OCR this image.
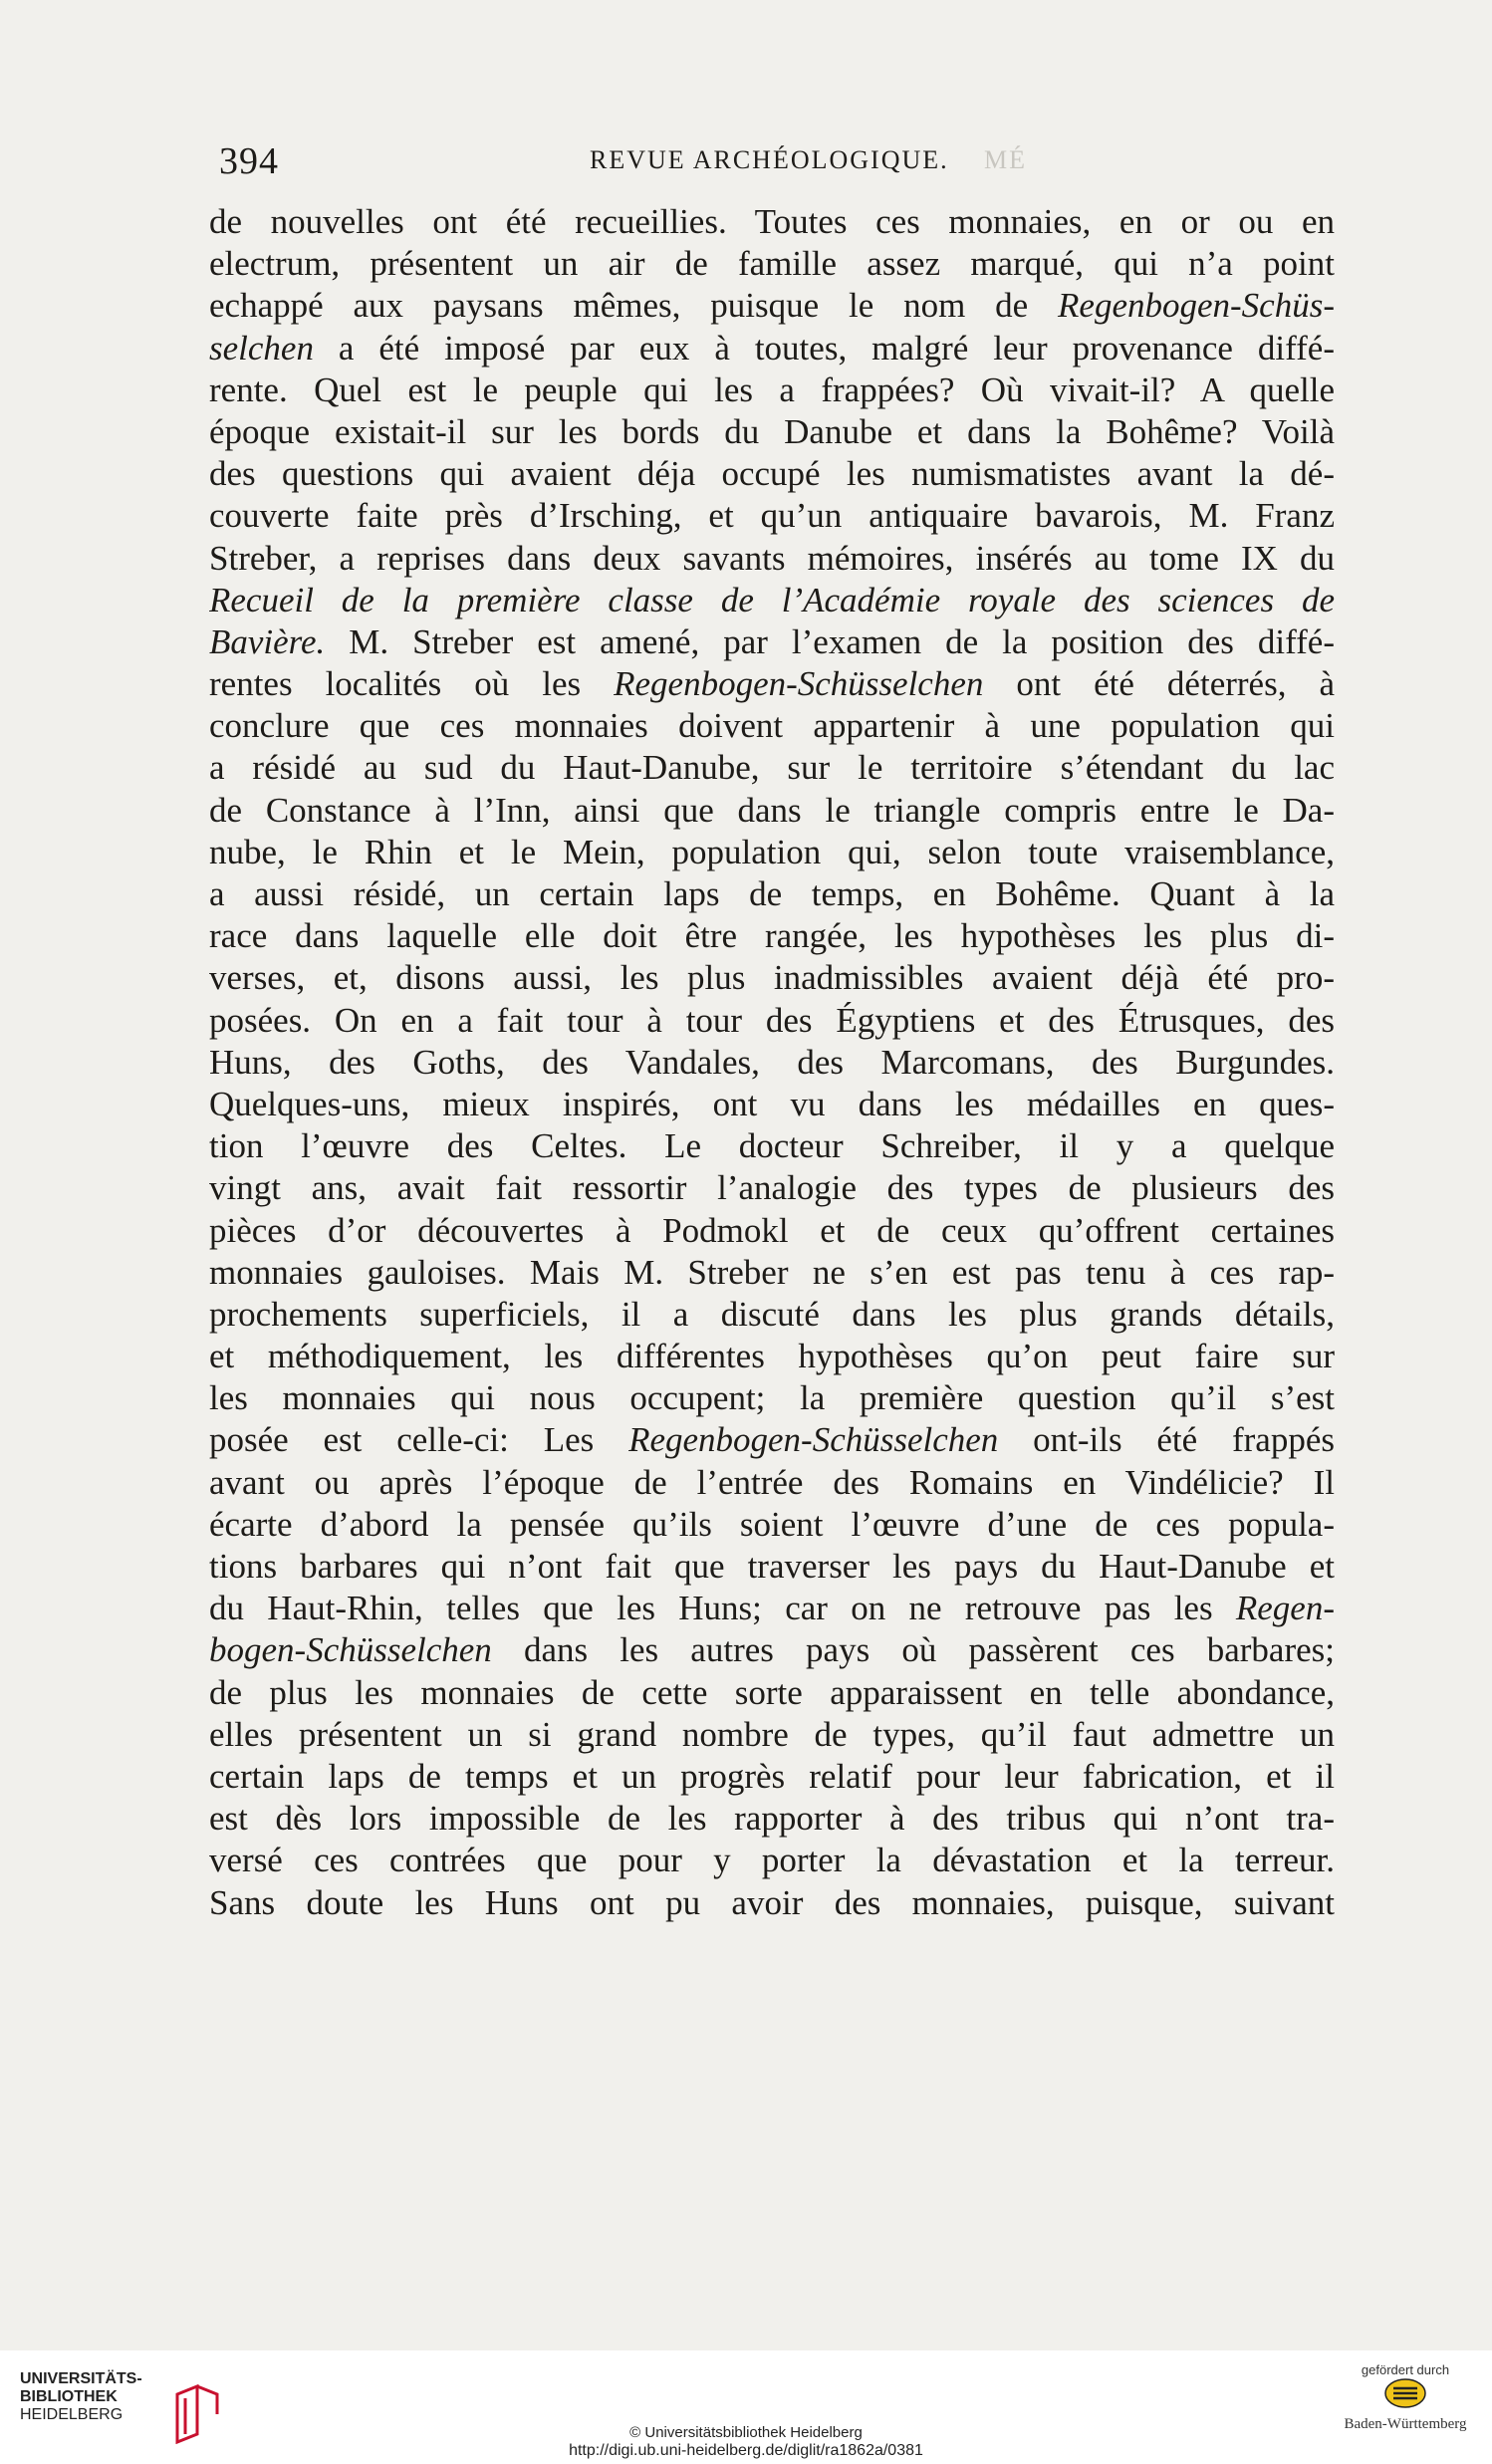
394	REVUE ARCHÉOLOGIQUE. MÉ
de nouvelles ont été recueillies. Toutes ces monnaies, en or ou en
electrum, présentent un air de famille assez marqué, qui n’a point
echappé aux paysans mêmes, puisque le nom de Regenbogen-Schüs-
selchen a été imposé par eux à toutes, malgré leur provenance diffé-
rente. Quel est le peuple qui les a frappées? Où vivait-il? A quelle
époque existait-il sur les bords du Danube et dans la Bohême? Voilà
des questions qui avaient déja occupé les numismatistes avant la dé-
couverte faite près d’Irsching, et qu’un antiquaire bavarois, M. Franz
Streber, a reprises dans deux savants mémoires, insérés au tome IX du
Recueil de la première classe de l’Académie royale des sciences de
Bavière. M. Streber est amené, par l’examen de la position des diffé-
rentes localités où les Regenbogen-Schüsselchen ont été déterrés, à
conclure que ces monnaies doivent appartenir à une population qui
a résidé au sud du Haut-Danube, sur le territoire s’étendant du lac
de Constance à l’Inn, ainsi que dans le triangle compris entre le Da-
nube, le Rhin et le Mein, population qui, selon toute vraisemblance,
a aussi résidé, un certain laps de temps, en Bohême. Quant à la
race dans laquelle elle doit être rangée, les hypothèses les plus di-
verses, et, disons aussi, les plus inadmissibles avaient déjà été pro-
posées. On en a fait tour à tour des Égyptiens et des Étrusques, des
Huns, des Goths, des Vandales, des Marcomans, des Burgundes.
Quelques-uns, mieux inspirés, ont vu dans les médailles en ques-
tion l’œuvre des Celtes. Le docteur Schreiber, il y a quelque
vingt ans, avait fait ressortir l’analogie des types de plusieurs des
pièces d’or découvertes à Podmokl et de ceux qu’offrent certaines
monnaies gauloises. Mais M. Streber ne s’en est pas tenu à ces rap-
prochements superficiels, il a discuté dans les plus grands détails,
et méthodiquement, les différentes hypothèses qu’on peut faire sur
les monnaies qui nous occupent; la première question qu’il s’est
posée est celle-ci: Les Regenbogen-Schüsselchen ont-ils été frappés
avant ou après l’époque de l’entrée des Romains en Vindélicie? Il
écarte d’abord la pensée qu’ils soient l’œuvre d’une de ces popula-
tions barbares qui n’ont fait que traverser les pays du Haut-Danube et
du Haut-Rhin, telles que les Huns; car on ne retrouve pas les Regen-
bogen-Schüsselchen dans les autres pays où passèrent ces barbares;
de plus les monnaies de cette sorte apparaissent en telle abondance,
elles présentent un si grand nombre de types, qu’il faut admettre un
certain laps de temps et un progrès relatif pour leur fabrication, et il
est dès lors impossible de les rapporter à des tribus qui n’ont tra-
versé ces contrées que pour y porter la dévastation et la terreur.
Sans doute les Huns ont pu avoir des monnaies, puisque, suivant
UNIVERSITÄTS-
BIBLIOTHEK
HEIDELBERG
© Universitätsbibliothek Heidelberg
http://digi.ub.uni-heidelberg.de/diglit/ra1862a/0381
gefördert durch
Baden-Württemberg
